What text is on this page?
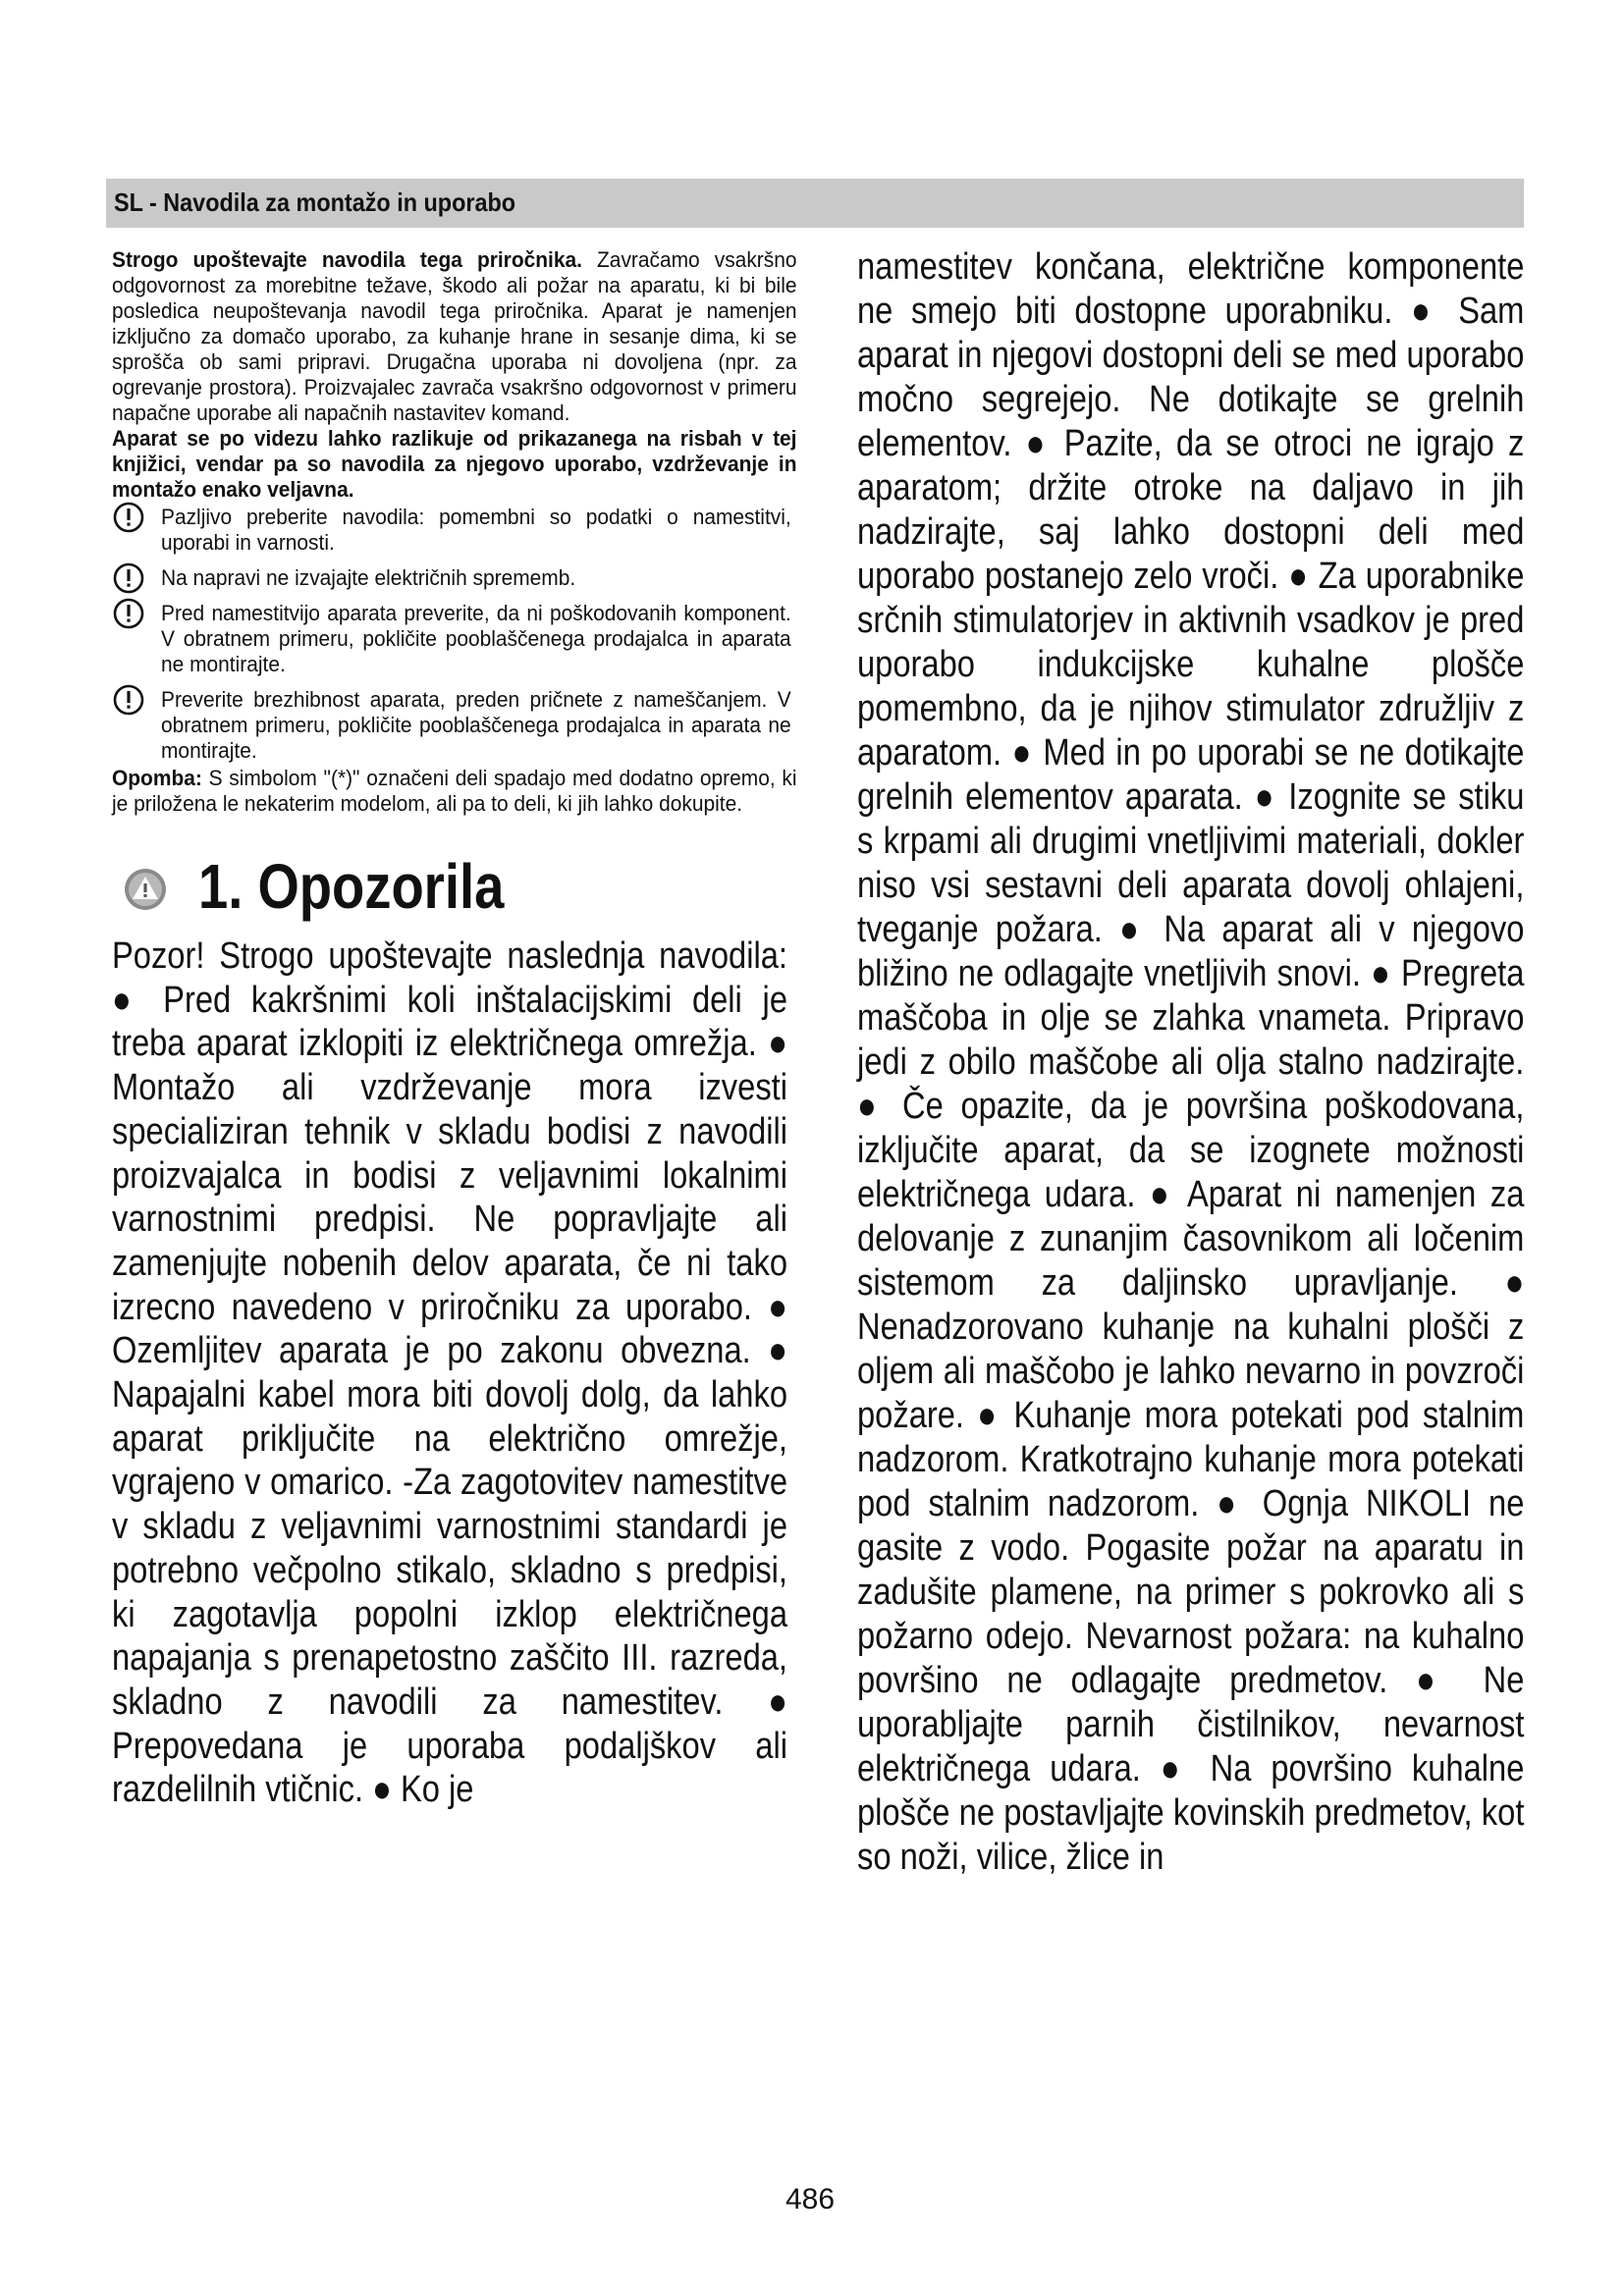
SL - Navodila za montažo in uporabo
Strogo upoštevajte navodila tega priročnika. Zavračamo vsakršno odgovornost za morebitne težave, škodo ali požar na aparatu, ki bi bile posledica neupoštevanja navodil tega priročnika. Aparat je namenjen izključno za domačo uporabo, za kuhanje hrane in sesanje dima, ki se sprošča ob sami pripravi. Drugačna uporaba ni dovoljena (npr. za ogrevanje prostora). Proizvajalec zavrača vsakršno odgovornost v primeru napačne uporabe ali napačnih nastavitev komand.
Aparat se po videzu lahko razlikuje od prikazanega na risbah v tej knjižici, vendar pa so navodila za njegovo uporabo, vzdrževanje in montažo enako veljavna.
Pazljivo preberite navodila: pomembni so podatki o namestitvi, uporabi in varnosti.
Na napravi ne izvajajte električnih sprememb.
Pred namestitvijo aparata preverite, da ni poškodovanih komponent. V obratnem primeru, pokličite pooblaščenega prodajalca in aparata ne montirajte.
Preverite brezhibnost aparata, preden pričnete z nameščanjem. V obratnem primeru, pokličite pooblaščenega prodajalca in aparata ne montirajte.
Opomba: S simbolom "(*)" označeni deli spadajo med dodatno opremo, ki je priložena le nekaterim modelom, ali pa to deli, ki jih lahko dokupite.
1. Opozorila
Pozor! Strogo upoštevajte naslednja navodila: ● Pred kakršnimi koli inštalacijskimi deli je treba aparat izklopiti iz električnega omrežja. ● Montažo ali vzdrževanje mora izvesti specializiran tehnik v skladu bodisi z navodili proizvajalca in bodisi z veljavnimi lokalnimi varnostnimi predpisi. Ne popravljajte ali zamenjujte nobenih delov aparata, če ni tako izrecno navedeno v priročniku za uporabo. ● Ozemljitev aparata je po zakonu obvezna. ● Napajalni kabel mora biti dovolj dolg, da lahko aparat priključite na električno omrežje, vgrajeno v omarico. -Za zagotovitev namestitve v skladu z veljavnimi varnostnimi standardi je potrebno večpolno stikalo, skladno s predpisi, ki zagotavlja popolni izklop električnega napajanja s prenapetostno zaščito III. razreda, skladno z navodili za namestitev. ● Prepovedana je uporaba podaljškov ali razdelilnih vtičnic. ● Ko je
namestitev končana, električne komponente ne smejo biti dostopne uporabniku. ● Sam aparat in njegovi dostopni deli se med uporabo močno segrejejo. Ne dotikajte se grelnih elementov. ● Pazite, da se otroci ne igrajo z aparatom; držite otroke na daljavo in jih nadzirajte, saj lahko dostopni deli med uporabo postanejo zelo vroči. ● Za uporabnike srčnih stimulatorjev in aktivnih vsadkov je pred uporabo indukcijske kuhalne plošče pomembno, da je njihov stimulator združljiv z aparatom. ● Med in po uporabi se ne dotikajte grelnih elementov aparata. ● Izognite se stiku s krpami ali drugimi vnetljivimi materiali, dokler niso vsi sestavni deli aparata dovolj ohlajeni, tveganje požara. ● Na aparat ali v njegovo bližino ne odlagajte vnetljivih snovi. ● Pregreta maščoba in olje se zlahka vnameta. Pripravo jedi z obilo maščobe ali olja stalno nadzirajte. ● Če opazite, da je površina poškodovana, izključite aparat, da se izognete možnosti električnega udara. ● Aparat ni namenjen za delovanje z zunanjim časovnikom ali ločenim sistemom za daljinsko upravljanje. ● Nenadzorovano kuhanje na kuhalni plošči z oljem ali maščobo je lahko nevarno in povzroči požare. ● Kuhanje mora potekati pod stalnim nadzorom. Kratkotrajno kuhanje mora potekati pod stalnim nadzorom. ● Ognja NIKOLI ne gasite z vodo. Pogasite požar na aparatu in zadušite plamene, na primer s pokrovko ali s požarno odejo. Nevarnost požara: na kuhalno površino ne odlagajte predmetov. ● Ne uporabljajte parnih čistilnikov, nevarnost električnega udara. ● Na površino kuhalne plošče ne postavljajte kovinskih predmetov, kot so noži, vilice, žlice in
486
